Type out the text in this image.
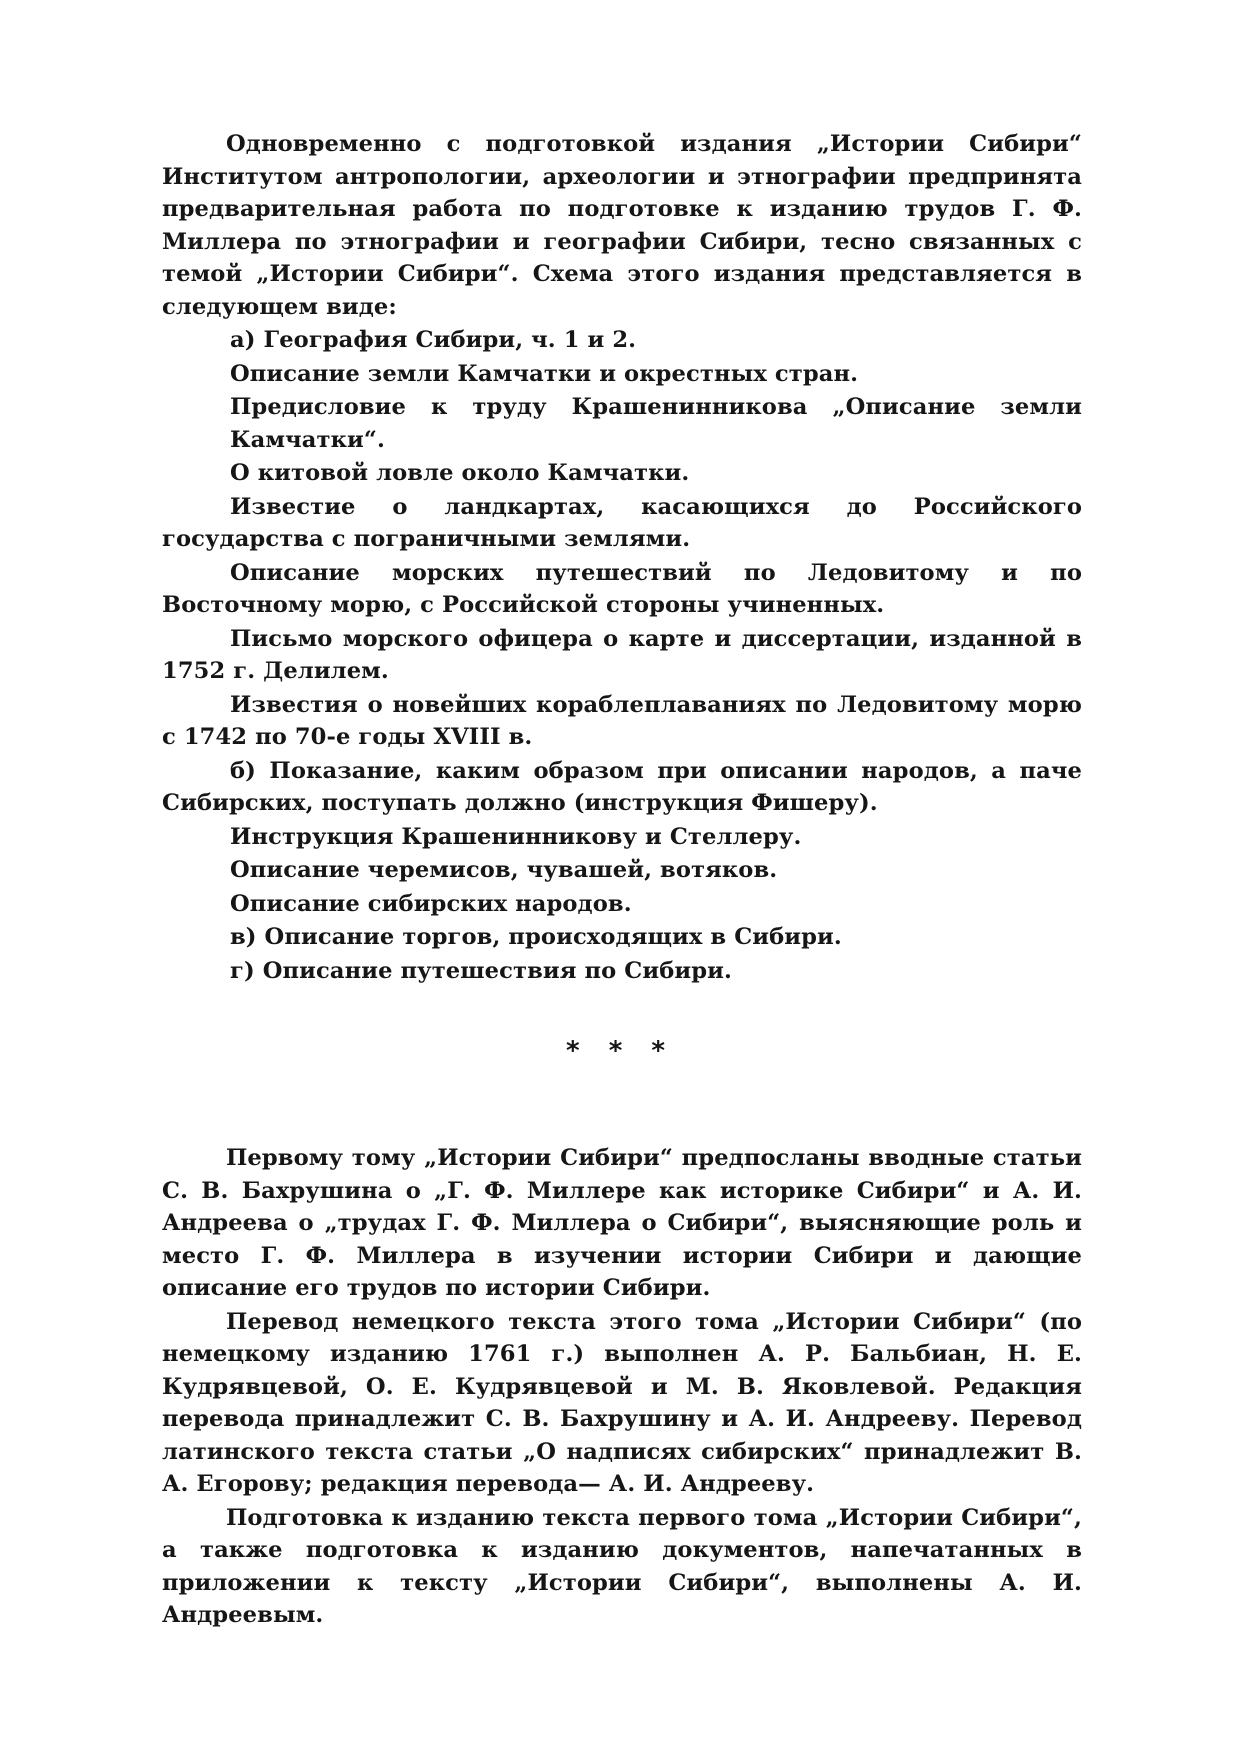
Одновременно с подготовкой издания „Истории Сибири“ Институтом антропологии, археологии и этнографии предпринята предварительная работа по подготовке к изданию трудов Г. Ф. Миллера по этнографии и географии Сибири, тесно связанных с темой „Истории Сибири“. Схема этого издания представляется в следующем виде:

а) География Сибири, ч. 1 и 2.

Описание земли Камчатки и окрестных стран.

Предисловие к труду Крашенинникова „Описание земли Камчатки“.

О китовой ловле около Камчатки.

Известие о ландкартах, касающихся до Российского государства с пограничными землями.

Описание морских путешествий по Ледовитому и по Восточному морю, с Российской стороны учиненных.

Письмо морского офицера о карте и диссертации, изданной в 1752 г. Делилем.

Известия о новейших кораблеплаваниях по Ледовитому морю с 1742 по 70-е годы XVIII в.

б) Показание, каким образом при описании народов, а паче Сибирских, поступать должно (инструкция Фишеру).

Инструкция Крашенинникову и Стеллеру.

Описание черемисов, чувашей, вотяков.

Описание сибирских народов.

в) Описание торгов, происходящих в Сибири.

г) Описание путешествия по Сибири.

* * *

Первому тому „Истории Сибири“ предпосланы вводные статьи С. В. Бахрушина о „Г. Ф. Миллере как историке Сибири“ и А. И. Андреева о „трудах Г. Ф. Миллера о Сибири“, выясняющие роль и место Г. Ф. Миллера в изучении истории Сибири и дающие описание его трудов по истории Сибири.

Перевод немецкого текста этого тома „Истории Сибири“ (по немецкому изданию 1761 г.) выполнен А. Р. Бальбиан, Н. Е. Кудрявцевой, О. Е. Кудрявцевой и М. В. Яковлевой. Редакция перевода принадлежит С. В. Бахрушину и А. И. Андрееву. Перевод латинского текста статьи „О надписях сибирских“ принадлежит В. А. Егорову; редакция перевода— А. И. Андрееву.

Подготовка к изданию текста первого тома „Истории Сибири“, а также подготовка к изданию документов, напечатанных в приложении к тексту „Истории Сибири“, выполнены А. И. Андреевым.
